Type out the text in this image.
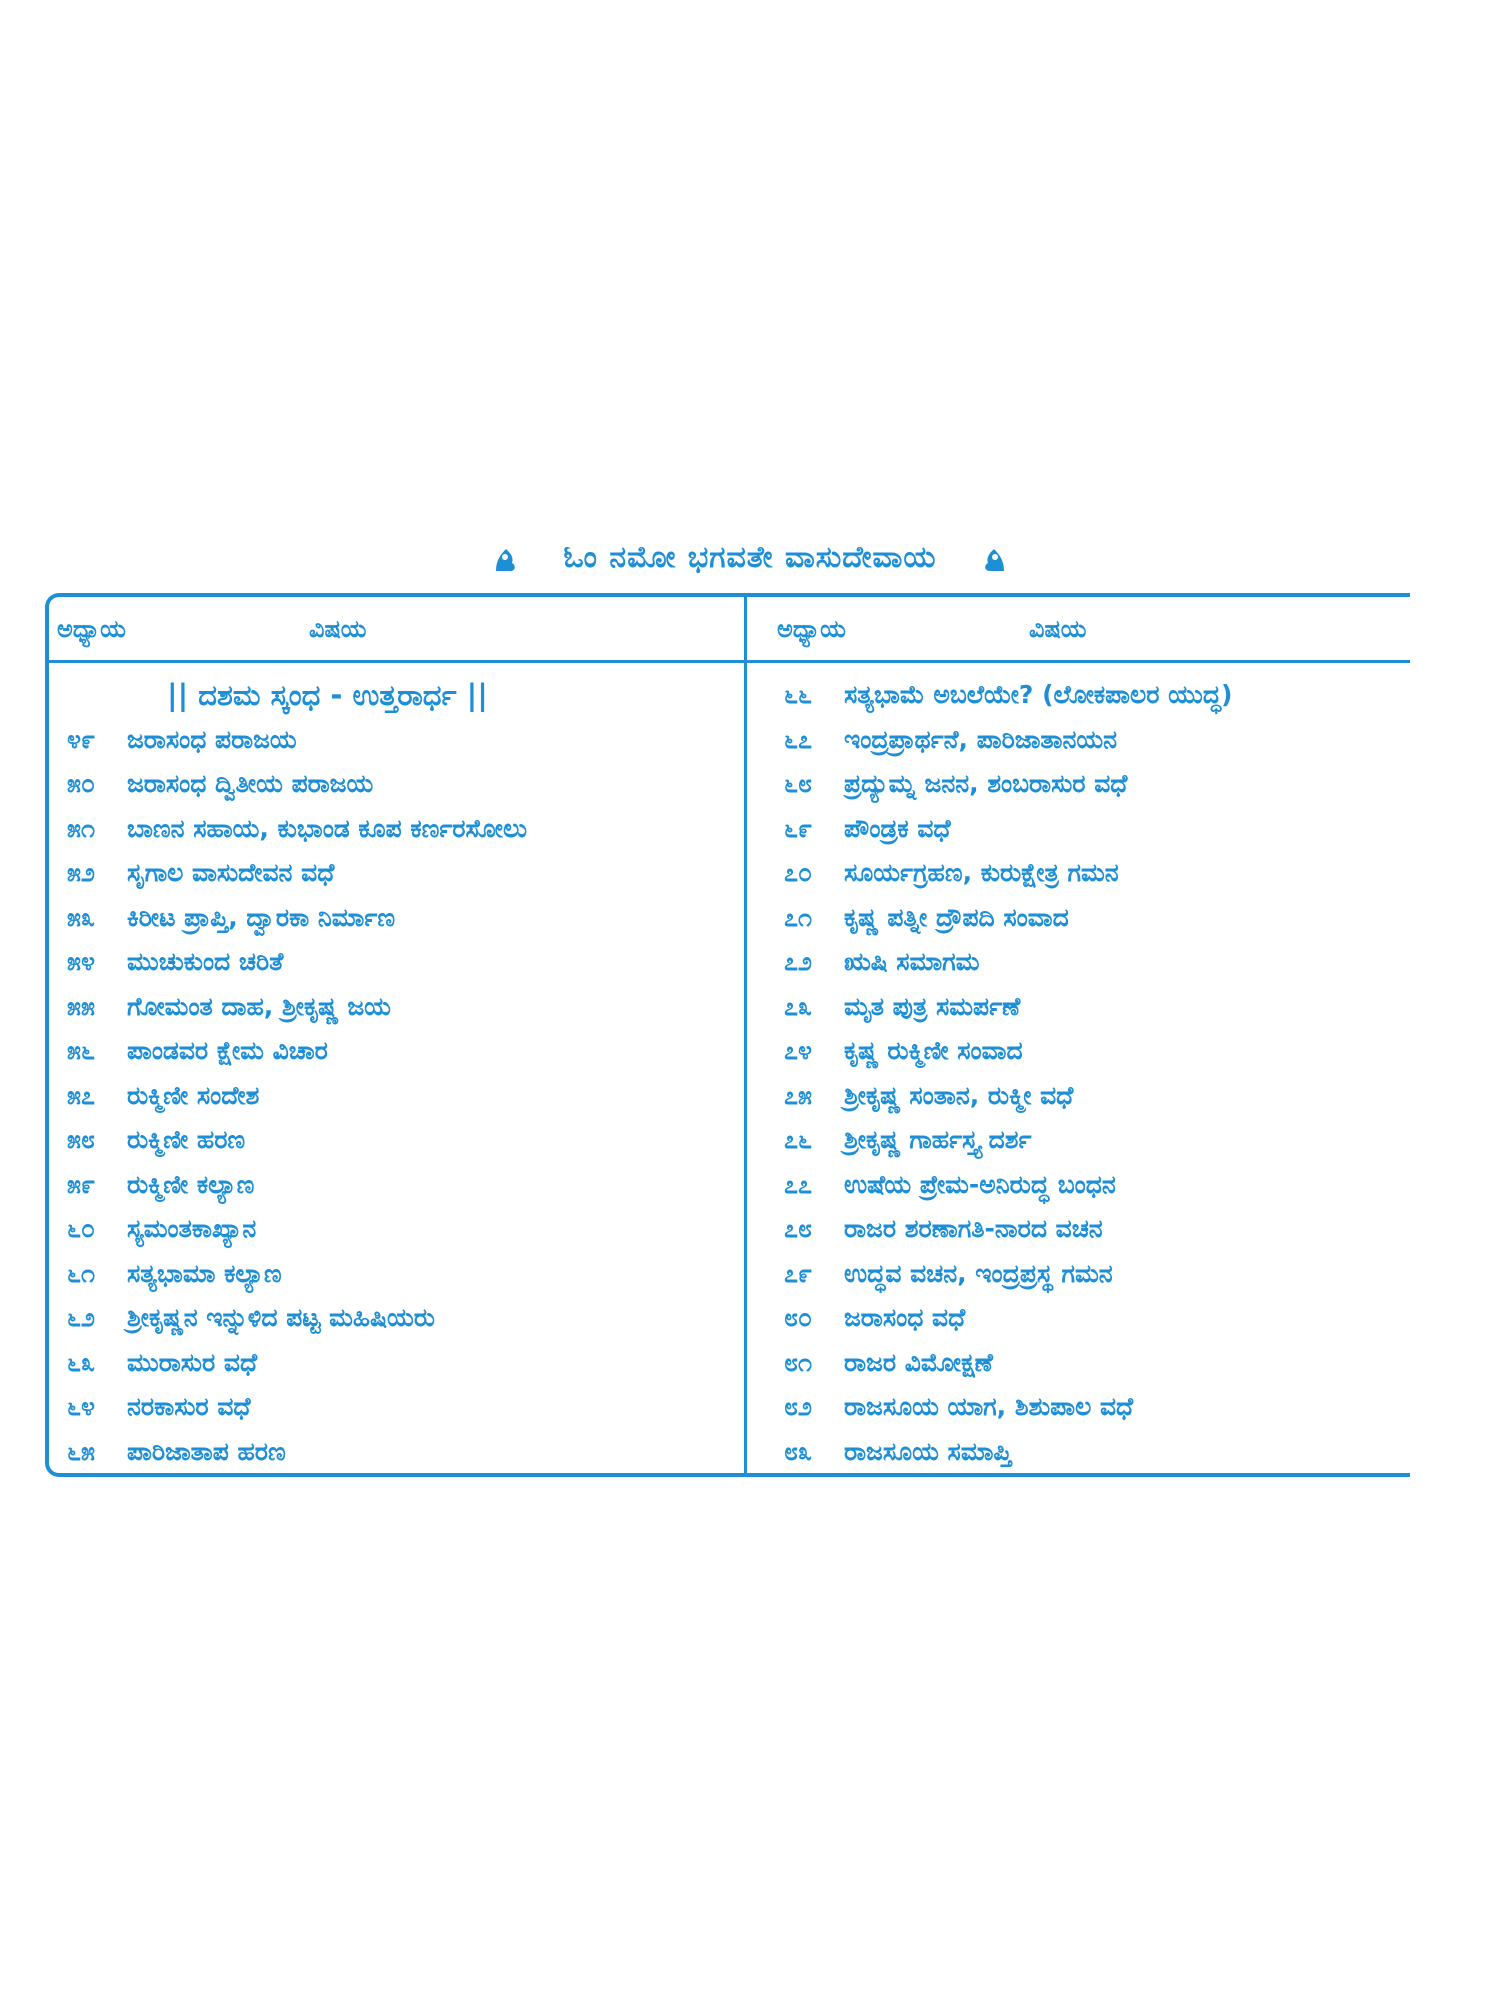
ಓಂ ನಮೋ ಭಗವತೇ ವಾಸುದೇವಾಯ
ಅಧ್ಯಾಯ	ವಿಷಯ	ಅಧ್ಯಾಯ	ವಿಷಯ
|| ದಶಮ ಸ್ಕಂಧ - ಉತ್ತರಾರ್ಧ ||
೪೯	ಜರಾಸಂಧ ಪರಾಜಯ
೫೦	ಜರಾಸಂಧ ದ್ವಿತೀಯ ಪರಾಜಯ
೫೧	ಬಾಣನ ಸಹಾಯ, ಕುಭಾಂಡ ಕೂಪ ಕರ್ಣರಸೋಲು
೫೨	ಸೃಗಾಲ ವಾಸುದೇವನ ವಧೆ
೫೩	ಕಿರೀಟ ಪ್ರಾಪ್ತಿ, ದ್ವಾರಕಾ ನಿರ್ಮಾಣ
೫೪	ಮುಚುಕುಂದ ಚರಿತೆ
೫೫	ಗೋಮಂತ ದಾಹ, ಶ್ರೀಕೃಷ್ಣ ಜಯ
೫೬	ಪಾಂಡವರ ಕ್ಷೇಮ ವಿಚಾರ
೫೭	ರುಕ್ಮಿಣೀ ಸಂದೇಶ
೫೮	ರುಕ್ಮಿಣೀ ಹರಣ
೫೯	ರುಕ್ಮಿಣೀ ಕಲ್ಯಾಣ
೬೦	ಸ್ಯಮಂತಕಾಖ್ಯಾನ
೬೧	ಸತ್ಯಭಾಮಾ ಕಲ್ಯಾಣ
೬೨	ಶ್ರೀಕೃಷ್ಣನ ಇನ್ನುಳಿದ ಪಟ್ಟ ಮಹಿಷಿಯರು
೬೩	ಮುರಾಸುರ ವಧೆ
೬೪	ನರಕಾಸುರ ವಧೆ
೬೫	ಪಾರಿಜಾತಾಪ ಹರಣ
೬೬	ಸತ್ಯಭಾಮೆ ಅಬಲೆಯೇ? (ಲೋಕಪಾಲರ ಯುದ್ಧ)
೬೭	ಇಂದ್ರಪ್ರಾರ್ಥನೆ, ಪಾರಿಜಾತಾನಯನ
೬೮	ಪ್ರದ್ಯುಮ್ನ ಜನನ, ಶಂಬರಾಸುರ ವಧೆ
೬೯	ಪೌಂಡ್ರಕ ವಧೆ
೭೦	ಸೂರ್ಯಗ್ರಹಣ, ಕುರುಕ್ಷೇತ್ರ ಗಮನ
೭೧	ಕೃಷ್ಣ ಪತ್ನೀ ದ್ರೌಪದಿ ಸಂವಾದ
೭೨	ಋಷಿ ಸಮಾಗಮ
೭೩	ಮೃತ ಪುತ್ರ ಸಮರ್ಪಣೆ
೭೪	ಕೃಷ್ಣ ರುಕ್ಮಿಣೀ ಸಂವಾದ
೭೫	ಶ್ರೀಕೃಷ್ಣ ಸಂತಾನ, ರುಕ್ಮೀ ವಧೆ
೭೬	ಶ್ರೀಕೃಷ್ಣ ಗಾರ್ಹಸ್ತ್ಯ ದರ್ಶ
೭೭	ಉಷೆಯ ಪ್ರೇಮ-ಅನಿರುದ್ಧ ಬಂಧನ
೭೮	ರಾಜರ ಶರಣಾಗತಿ-ನಾರದ ವಚನ
೭೯	ಉದ್ಧವ ವಚನ, ಇಂದ್ರಪ್ರಸ್ಥ ಗಮನ
೮೦	ಜರಾಸಂಧ ವಧೆ
೮೧	ರಾಜರ ವಿಮೋಕ್ಷಣೆ
೮೨	ರಾಜಸೂಯ ಯಾಗ, ಶಿಶುಪಾಲ ವಧೆ
೮೩	ರಾಜಸೂಯ ಸಮಾಪ್ತಿ
